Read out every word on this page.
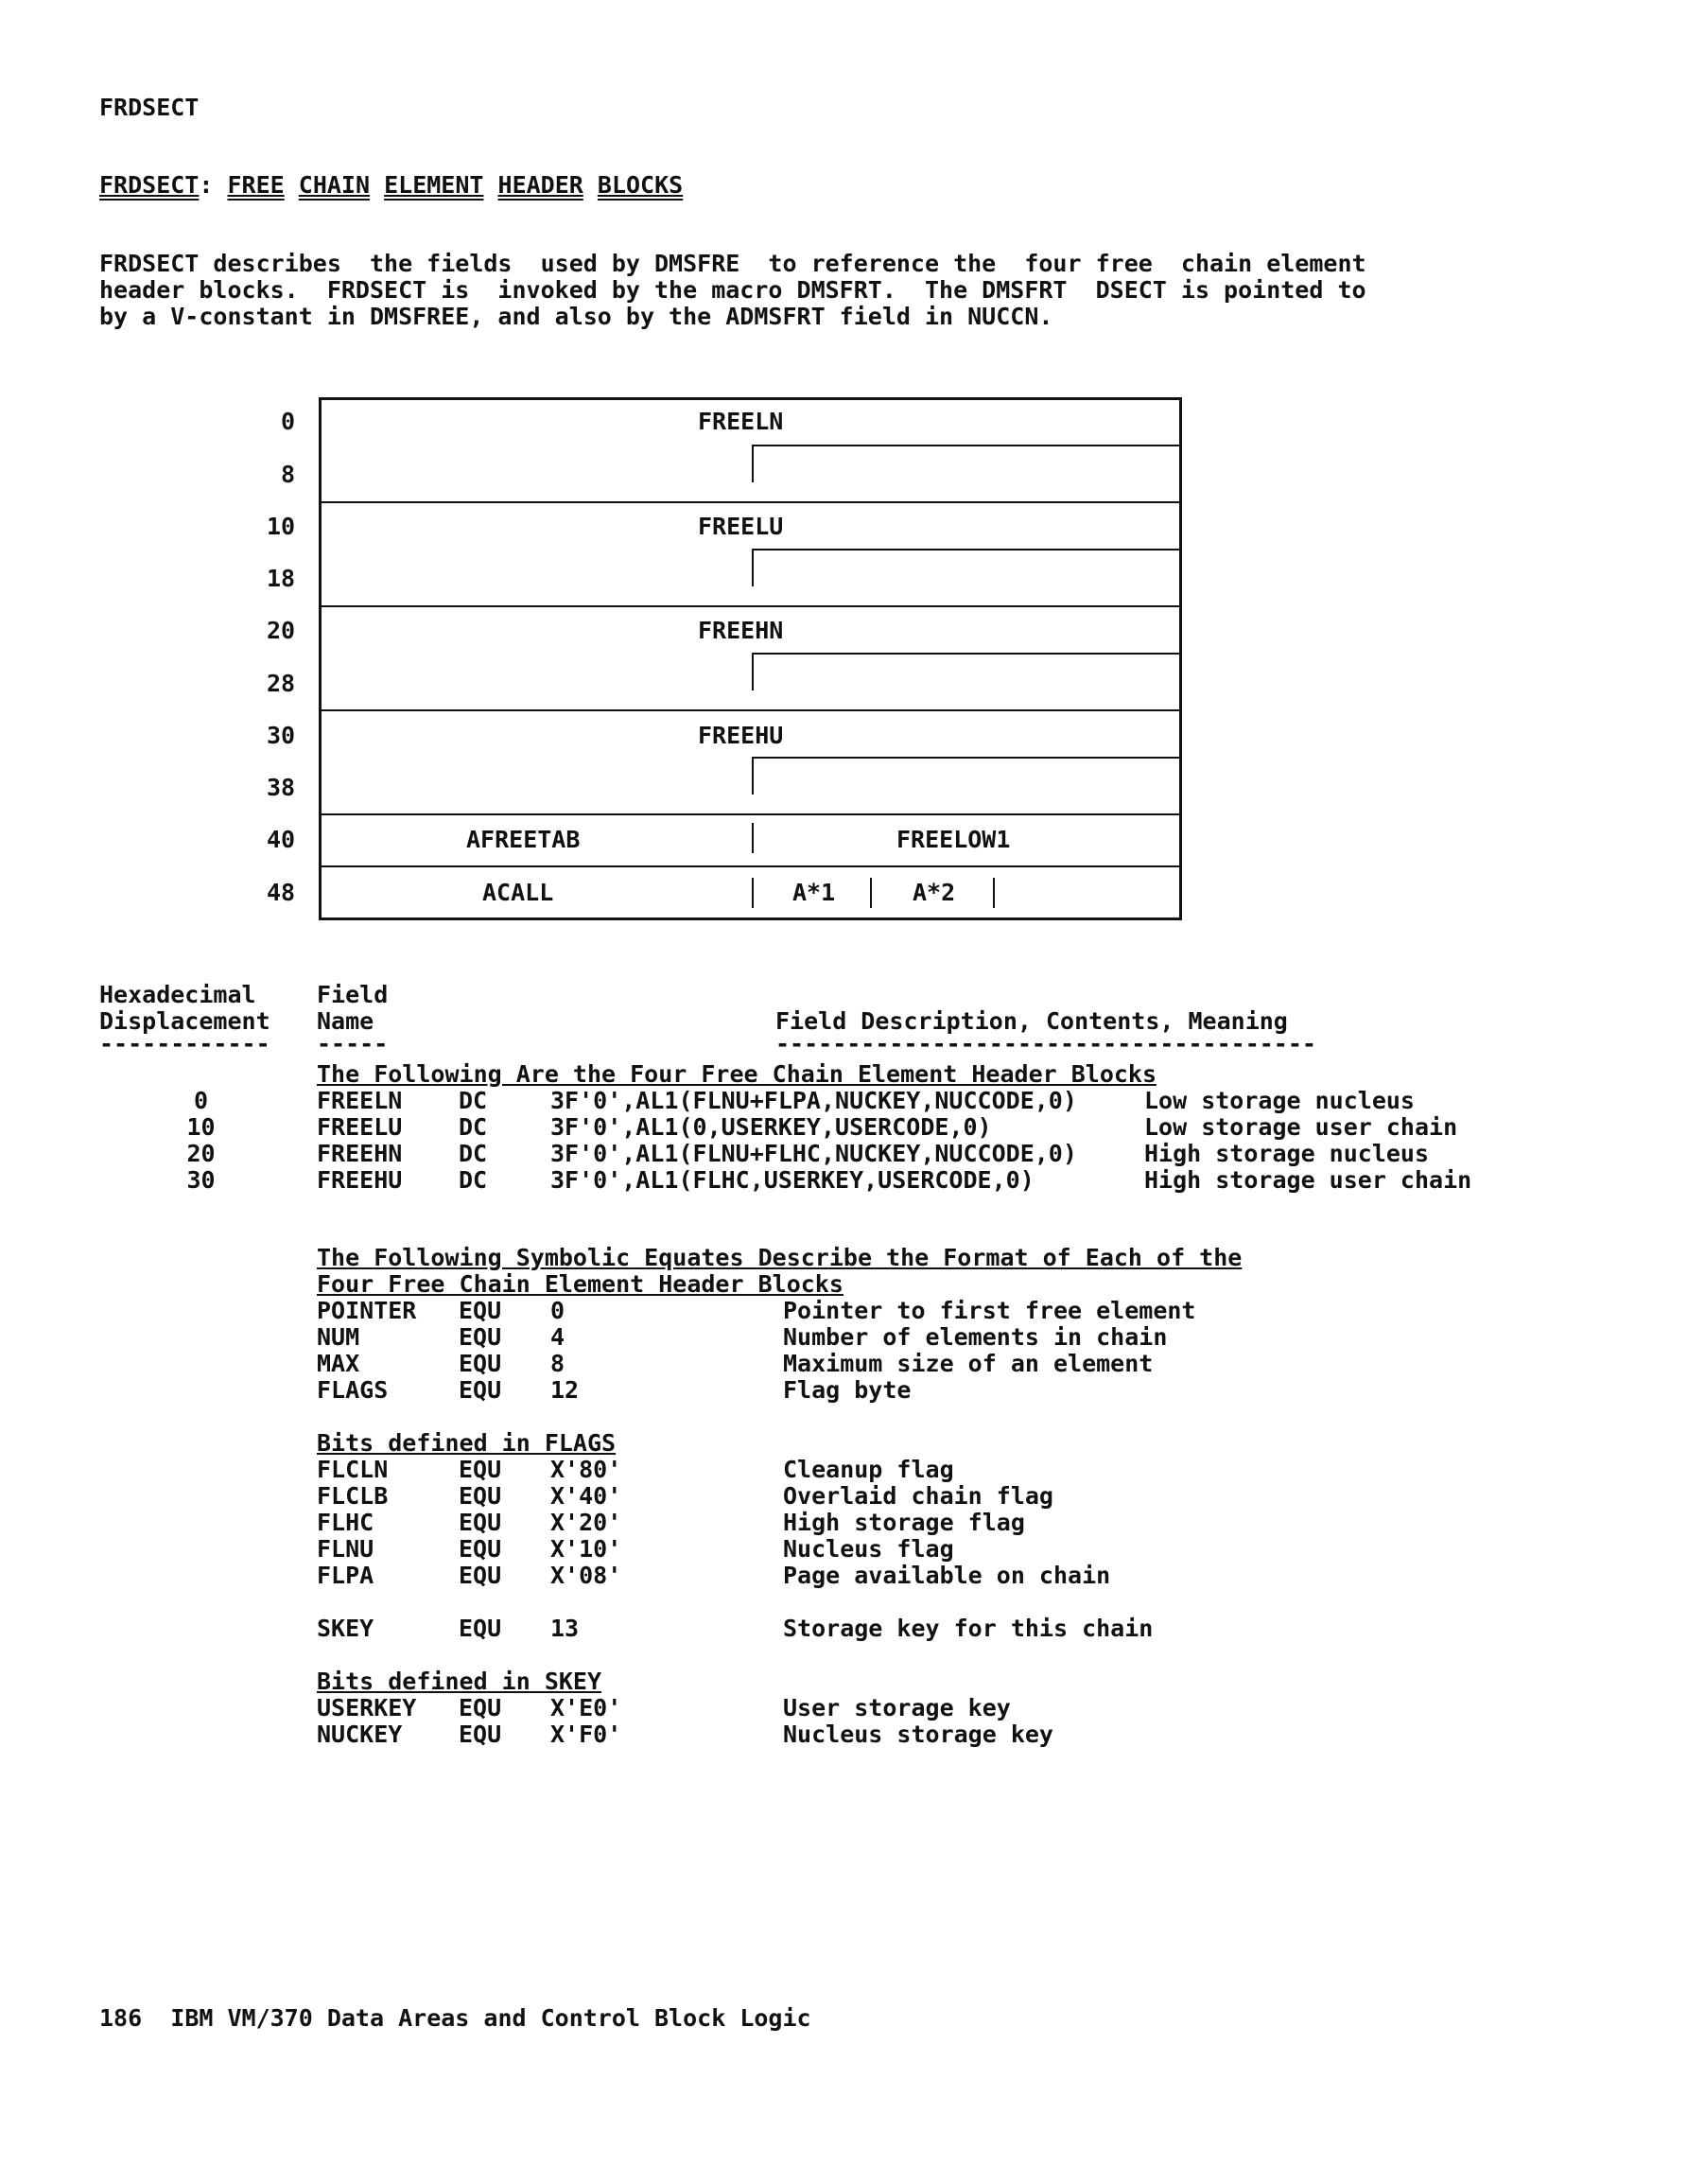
FRDSECT
FRDSECT: FREE CHAIN ELEMENT HEADER BLOCKS
FRDSECT describes  the fields  used by DMSFRE  to reference the  four free  chain element
header blocks.  FRDSECT is  invoked by the macro DMSFRT.  The DMSFRT  DSECT is pointed to
by a V-constant in DMSFREE, and also by the ADMSFRT field in NUCCN.
0
8
10
18
20
28
30
38
40
48
FREELN
FREELU
FREEHN
FREEHU
AFREETAB	FREELOW1
ACALL	A*1	A*2
Hexadecimal
Displacement
Field
Name	Field Description, Contents, Meaning
------------ -----	--------------------------------------
The Following Are the Four Free Chain Element Header Blocks
0	FREELN DC	3F'0',AL1(FLNU+FLPA,NUCKEY,NUCCODE,0)	Low storage nucleus
10	FREELU DC	3F'0',AL1(0,USERKEY,USERCODE,0)	Low storage user chain
20	FREEHN DC	3F'0',AL1(FLNU+FLHC,NUCKEY,NUCCODE,0)	High storage nucleus
30	FREEHU DC	3F'0',AL1(FLHC,USERKEY,USERCODE,0)	High storage user chain
The Following Symbolic Equates Describe the Format of Each of the
Four Free Chain Element Header Blocks
POINTER EQU 0	Pointer to first free element
NUM	EQU 4	Number of elements in chain
MAX	EQU 8	Maximum size of an element
FLAGS	EQU 12	Flag byte
Bits defined in FLAGS
FLCLN	EQU X'80'	Cleanup flag
FLCLB	EQU X'40'	Overlaid chain flag
FLHC	EQU X'20'	High storage flag
FLNU	EQU X'10'	Nucleus flag
FLPA	EQU X'08'	Page available on chain
SKEY	EQU 13	Storage key for this chain
Bits defined in SKEY
USERKEY EQU X'E0'	User storage key
NUCKEY EQU X'F0'	Nucleus storage key
186 IBM VM/370 Data Areas and Control Block Logic
